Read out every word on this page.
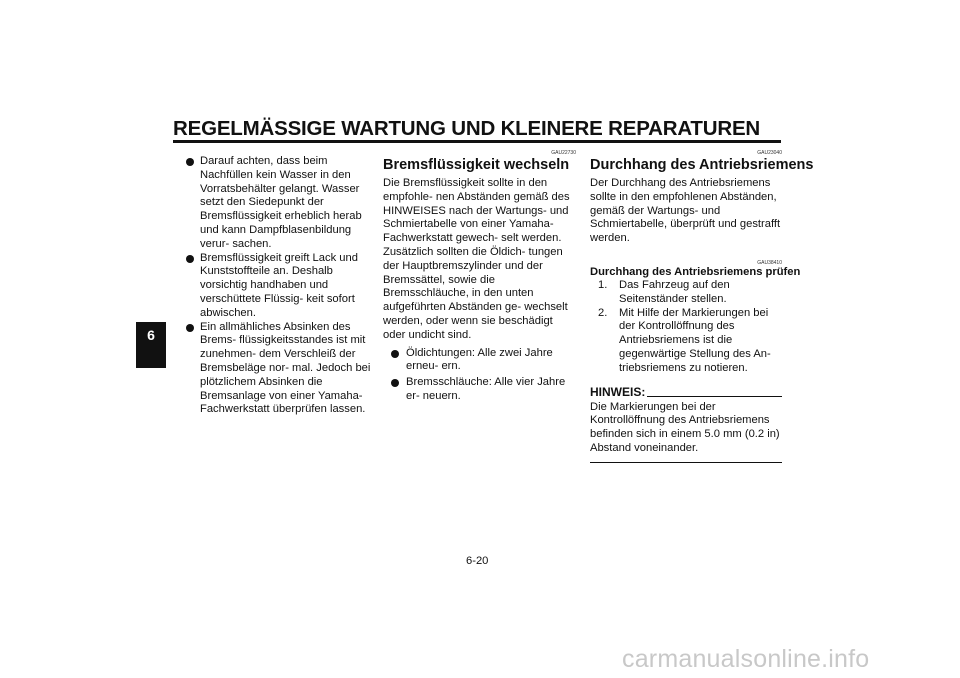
REGELMÄSSIGE WARTUNG UND KLEINERE REPARATUREN
6
Darauf achten, dass beim Nachfüllen kein Wasser in den Vorratsbehälter gelangt. Wasser setzt den Siedepunkt der Bremsflüssigkeit erheblich herab und kann Dampfblasenbildung verur- sachen.
Bremsflüssigkeit greift Lack und Kunststoffteile an. Deshalb vorsichtig handhaben und verschüttete Flüssig- keit sofort abwischen.
Ein allmähliches Absinken des Brems- flüssigkeitsstandes ist mit zunehmen- dem Verschleiß der Bremsbeläge nor- mal. Jedoch bei plötzlichem Absinken die Bremsanlage von einer Yamaha- Fachwerkstatt überprüfen lassen.
GAU22730
Bremsflüssigkeit wechseln

Die Bremsflüssigkeit sollte in den empfohle- nen Abständen gemäß des HINWEISES nach der Wartungs- und Schmiertabelle von einer Yamaha-Fachwerkstatt gewech- selt werden. Zusätzlich sollten die Öldich- tungen der Hauptbremszylinder und der Bremssättel, sowie die Bremsschläuche, in den unten aufgeführten Abständen ge- wechselt werden, oder wenn sie beschädigt oder undicht sind.

Öldichtungen: Alle zwei Jahre erneu- ern.
Bremsschläuche: Alle vier Jahre er- neuern.
GAU23040
Durchhang des Antriebsriemens

Der Durchhang des Antriebsriemens sollte in den empfohlenen Abständen, gemäß der Wartungs- und Schmiertabelle, überprüft und gestrafft werden.

GAU38410
Durchhang des Antriebsriemens prüfen
1. Das Fahrzeug auf den Seitenständer stellen.
2. Mit Hilfe der Markierungen bei der Kontrollöffnung des Antriebsriemens ist die gegenwärtige Stellung des An- triebsriemens zu notieren.
HINWEIS:

Die Markierungen bei der Kontrollöffnung des Antriebsriemens befinden sich in einem 5.0 mm (0.2 in) Abstand voneinander.

6-20
carmanualsonline.info
